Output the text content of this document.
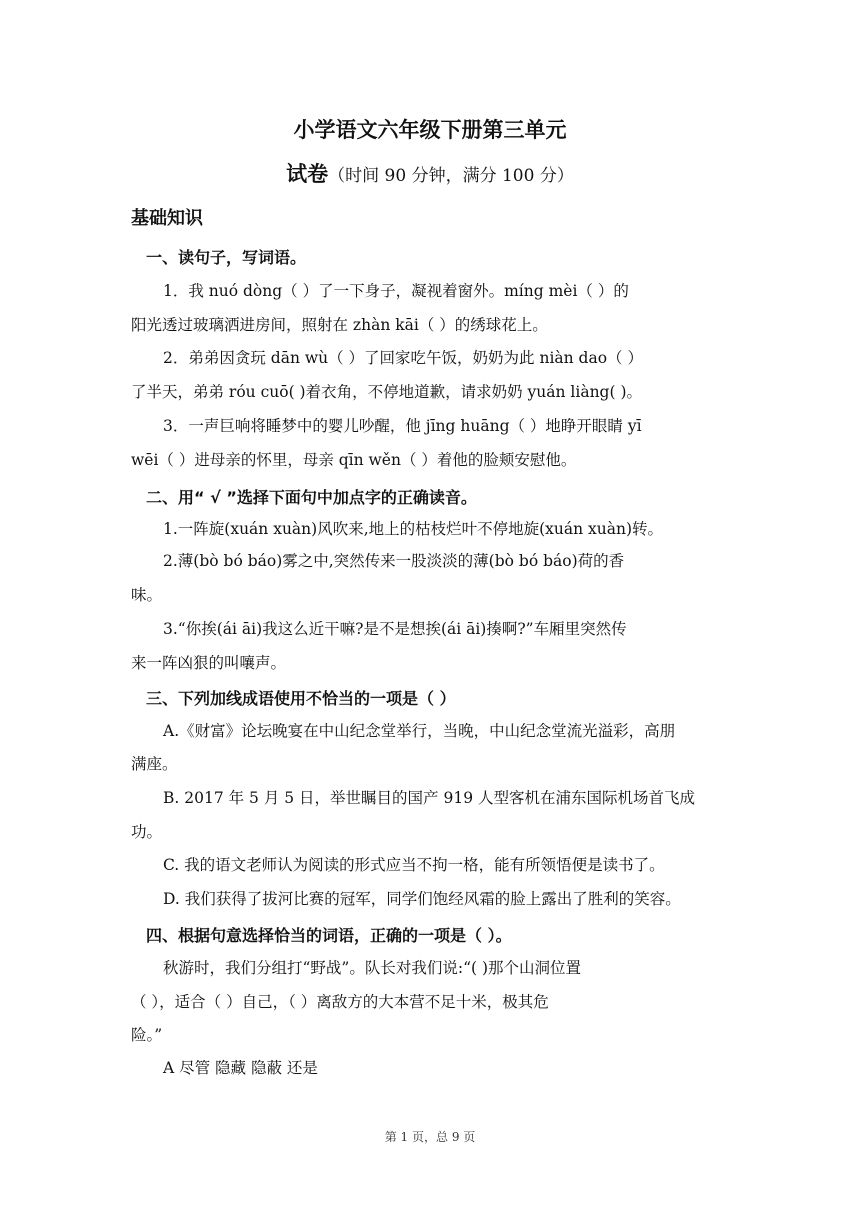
小学语文六年级下册第三单元
试卷（时间 90 分钟，满分 100 分）
基础知识
一、读句子，写词语。
1．我 nuó dòng（ ）了一下身子，凝视着窗外。míng mèi（ ）的
阳光透过玻璃洒进房间，照射在 zhàn kāi（ ）的绣球花上。
2．弟弟因贪玩 dān wù（ ）了回家吃午饭，奶奶为此 niàn dao（ ）
了半天，弟弟 róu cuō( )着衣角，不停地道歉，请求奶奶 yuán liàng( )。
3．一声巨响将睡梦中的婴儿吵醒，他 jīng huāng（ ）地睁开眼睛 yī
wēi（ ）进母亲的怀里，母亲 qīn wěn（ ）着他的脸颊安慰他。
二、用“ √ ”选择下面句中加点字的正确读音。
1.一阵旋(xuán xuàn)风吹来,地上的枯枝烂叶不停地旋(xuán xuàn)转。
2.薄(bò bó báo)雾之中,突然传来一股淡淡的薄(bò bó báo)荷的香
味。
3.“你挨(ái āi)我这么近干嘛?是不是想挨(ái āi)揍啊?”车厢里突然传
来一阵凶狠的叫嚷声。
三、下列加线成语使用不恰当的一项是（ ）
A.《财富》论坛晚宴在中山纪念堂举行，当晚，中山纪念堂流光溢彩，高朋
满座。
B. 2017 年 5 月 5 日，举世瞩目的国产 919 人型客机在浦东国际机场首飞成
功。
C. 我的语文老师认为阅读的形式应当不拘一格，能有所领悟便是读书了。
D. 我们获得了拔河比赛的冠军，同学们饱经风霜的脸上露出了胜利的笑容。
四、根据句意选择恰当的词语，正确的一项是（ ）。
秋游时，我们分组打“野战”。队长对我们说:“( )那个山洞位置
（ ），适合（ ）自己，（ ）离敌方的大本营不足十米，极其危
险。”
A 尽管 隐藏 隐蔽 还是
第 1 页，总 9 页
